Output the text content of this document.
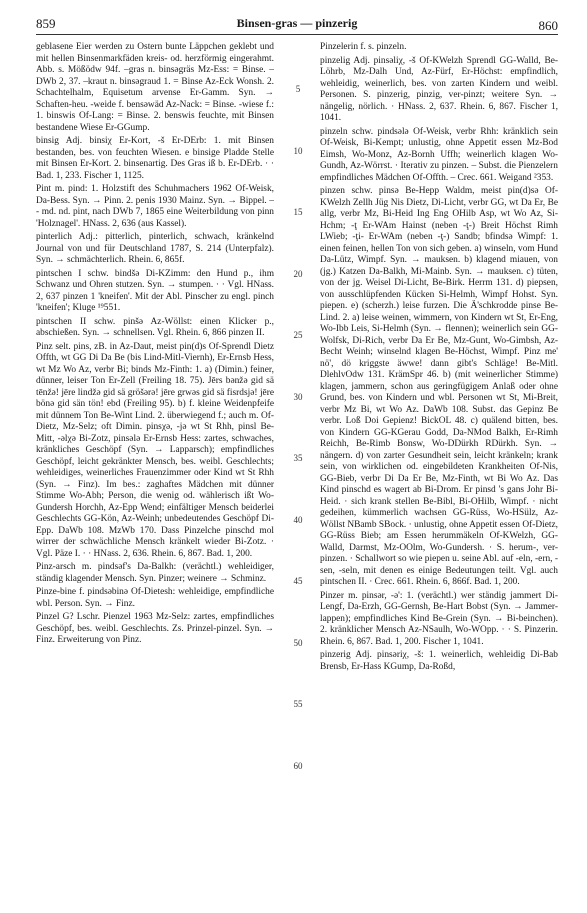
859	Binsen-gras — pinzerig	860

geblasene Eier werden zu Ostern bunte Läppchen geklebt und mit hellen Binsenmarkfäden kreis- od. herzförmig eingerahmt. Abb. s. Mößödw 94f. –gras n. binsəgräs Mz-Ess: = Binse. – DWb 2, 37. –kraut n. binsəgraud 1. = Binse Az-Eck Wonsh. 2. Schachtelhalm, Equisetum arvense Er-Gamm. Syn. → Schaften-heu. -weide f. bensəwäd Az-Nack: = Binse. -wiese f.: 1. binswis Of-Lang: = Binse. 2. benswis feuchte, mit Binsen bestandene Wiese Er-GGump.

binsig Adj. binsiχ Er-Kort, -š Er-DErb: 1. mit Binsen bestanden, bes. von feuchten Wiesen. e binsige Pladde Stelle mit Binsen Er-Kort. 2. binsenartig. Des Gras iß b. Er-DErb. · · Bad. 1, 233. Fischer 1, 1125.

Pint m. pind: 1. Holzstift des Schuhmachers 1962 Of-Weisk, Da-Bess. Syn. → Pinn. 2. penis 1930 Mainz. Syn. → Bippel. – - md. nd. pint, nach DWb 7, 1865 eine Weiterbildung von pinn 'Holznagel'. HNass. 2, 636 (aus Kassel).

pinterlich Adj.: pitterlich, pinterlich, schwach, kränkelnd Journal von und für Deutschland 1787, S. 214 (Unterpfalz). Syn. → schmächterlich. Rhein. 6, 865f.

pintschen I schw. bindšə Di-KZimm: den Hund p., ihm Schwanz und Ohren stutzen. Syn. → stumpen. · · Vgl. HNass. 2, 637 pinzen 1 'kneifen'. Mit der Abl. Pinscher zu engl. pinch 'kneifen'; Kluge ¹⁹551.

pintschen II schw. pinšə Az-Wöllst: einen Klicker p., abschießen. Syn. → schnellsen. Vgl. Rhein. 6, 866 pinzen II.

Pinz selt. pins, zB. in Az-Daut, meist pin(d)s Of-Sprendl Dietz Offth, wt GG Di Da Be (bis Lind-Mitl-Viernh), Er-Ernsb Hess, wt Mz Wo Az, verbr Bi; binds Mz-Finth: 1. a) (Dimin.) feiner, dünner, leiser Ton Er-Zell (Freiling 18. 75). Jērs bənžə gid sä tēnžə! jēre lindžə gid sä gröšərə! jēre grwəs gid sä fisrdsjə! jēre bönə gid sän tön! ebd (Freiling 95). b) f. kleine Weidenpfeife mit dünnem Ton Be-Wint Lind. 2. überwiegend f.; auch m. Of-Dietz, Mz-Selz; oft Dimin. pinsχə, -jə wt St Rhh, pinsl Be-Mitt, -əlχə Bi-Zotz, pinsələ Er-Ernsb Hess: zartes, schwaches, kränkliches Geschöpf (Syn. → Lapparsch); empfindliches Geschöpf, leicht gekränkter Mensch, bes. weibl. Geschlechts; wehleidiges, weinerliches Frauenzimmer oder Kind wt St Rhh (Syn. → Finz). Im bes.: zaghaftes Mädchen mit dünner Stimme Wo-Abh; Person, die wenig od. wählerisch ißt Wo-Gundersh Horchh, Az-Epp Wend; einfältiger Mensch beiderlei Geschlechts GG-Kön, Az-Weinh; unbedeutendes Geschöpf Di-Epp. DaWb 108. MzWb 170. Dass Pinzelche pinschd mol wirrer der schwächliche Mensch kränkelt wieder Bi-Zotz. · Vgl. Päze I. · · HNass. 2, 636. Rhein. 6, 867. Bad. 1, 200.

Pinz-arsch m. pindsəf's Da-Balkh: (verächtl.) wehleidiger, ständig klagender Mensch. Syn. Pinzer; weinere → Schminz.

Pinze-bine f. pindsəbinə Of-Dietesh: wehleidige, empfindliche wbl. Person. Syn. → Finz.

Pinzel G? Lschr. Pienzel 1963 Mz-Selz: zartes, empfindliches Geschöpf, bes. weibl. Geschlechts. Zs. Prinzel-pinzel. Syn. → Finz. Erweiterung von Pinz.

5
10
15
20
25
30
35
40
45
50
55
60

Pinzelerin f. s. pinzeln.

pinzelig Adj. pinsəliχ, -š Of-KWelzh Sprendl GG-Walld, Be-Löhrb, Mz-Dalh Und, Az-Fürf, Er-Höchst: empfindlich, wehleidig, weinerlich, bes. von zarten Kindern und weibl. Personen. S. pinzerig, pinzig, ver-pinzt; weitere Syn. → nängelig, nörlich. · HNass. 2, 637. Rhein. 6, 867. Fischer 1, 1041.

pinzeln schw. pindsələ Of-Weisk, verbr Rhh: kränklich sein Of-Weisk, Bi-Kempt; unlustig, ohne Appetit essen Mz-Bod Eimsh, Wo-Monz, Az-Bornh Uffh; weinerlich klagen Wo-Gundh, Az-Wörrst. · Iterativ zu pinzen. – Subst. die Pienzelern empfindliches Mädchen Of-Offth. – Crec. 661. Weigand ²353.

pinzen schw. pinsə Be-Hepp Waldm, meist pin(d)sə Of-KWelzh Zellh Jüg Nis Dietz, Di-Licht, verbr GG, wt Da Er, Be allg, verbr Mz, Bi-Heid Ing Eng OHilb Asp, wt Wo Az, Si-Hchm; -ţ Er-WAm Hainst (neben -ţ-) Breit Höchst Rimh LWieb; -ţi- Er-WAm (neben -ţ-) Sandb; bfindsə Wimpf: 1. einen feinen, hellen Ton von sich geben. a) winseln, vom Hund Da-Lütz, Wimpf. Syn. → mauksen. b) klagend miauen, von (jg.) Katzen Da-Balkh, Mi-Mainb. Syn. → mauksen. c) tüten, von der jg. Weisel Di-Licht, Be-Birk. Herrm 131. d) piepsen, von ausschlüpfenden Kücken Si-Helmh, Wimpf Hohst. Syn. piepen. e) (scherzh.) leise furzen. Die Ä'schkrodde pinse Be-Lind. 2. a) leise weinen, wimmern, von Kindern wt St, Er-Eng, Wo-Ibb Leis, Si-Helmh (Syn. → flennen); weinerlich sein GG-Wolfsk, Di-Rich, verbr Da Er Be, Mz-Gunt, Wo-Gimbsh, Az-Becht Weinh; winselnd klagen Be-Höchst, Wimpf. Pinz me' nö', dö kriggste äwwe! dann gibt's Schläge! Be-Mitl. DlehlvOdw 131. KrämSpr 46. b) (mit weinerlicher Stimme) klagen, jammern, schon aus geringfügigem Anlaß oder ohne Grund, bes. von Kindern und wbl. Personen wt St, Mi-Breit, verbr Mz Bi, wt Wo Az. DaWb 108. Subst. das Gepinz Be verbr. Loß Doi Gepienz! BickOL 48. c) quälend bitten, bes. von Kindern GG-KGerau Godd, Da-NMod Balkh, Er-Rimh Reichh, Be-Rimb Bonsw, Wo-DDürkh RDürkh. Syn. → nängern. d) von zarter Gesundheit sein, leicht kränkeln; krank sein, von wirklichen od. eingebildeten Krankheiten Of-Nis, GG-Bieb, verbr Di Da Er Be, Mz-Finth, wt Bi Wo Az. Das Kind pinschd es wagert ab Bi-Drom. Er pinsd 's gans Johr Bi-Heid. · sich krank stellen Be-Bibl, Bi-OHilb, Wimpf. · nicht gedeihen, kümmerlich wachsen GG-Rüss, Wo-HSülz, Az-Wöllst NBamb SBock. · unlustig, ohne Appetit essen Of-Dietz, GG-Rüss Bieb; am Essen herummäkeln Of-KWelzh, GG-Walld, Darmst, Mz-OOlm, Wo-Gundersh. · S. herum-, ver-pinzen. · Schallwort so wie piepen u. seine Abl. auf -eln, -ern, -sen, -seln, mit denen es einige Bedeutungen teilt. Vgl. auch pintschen II. · Crec. 661. Rhein. 6, 866f. Bad. 1, 200.

Pinzer m. pinsər, -ə': 1. (verächtl.) wer ständig jammert Di-Lengf, Da-Erzh, GG-Gernsh, Be-Hart Bobst (Syn. → Jammer-lappen); empfindliches Kind Be-Grein (Syn. → Bi-beinchen). 2. kränklicher Mensch Az-NSaulh, Wo-WOpp. · · S. Pinzerin. Rhein. 6, 867. Bad. 1, 200. Fischer 1, 1041.

pinzerig Adj. pinsəriχ, -š: 1. weinerlich, wehleidig Di-Bab Brensb, Er-Hass KGump, Da-Roßd,
